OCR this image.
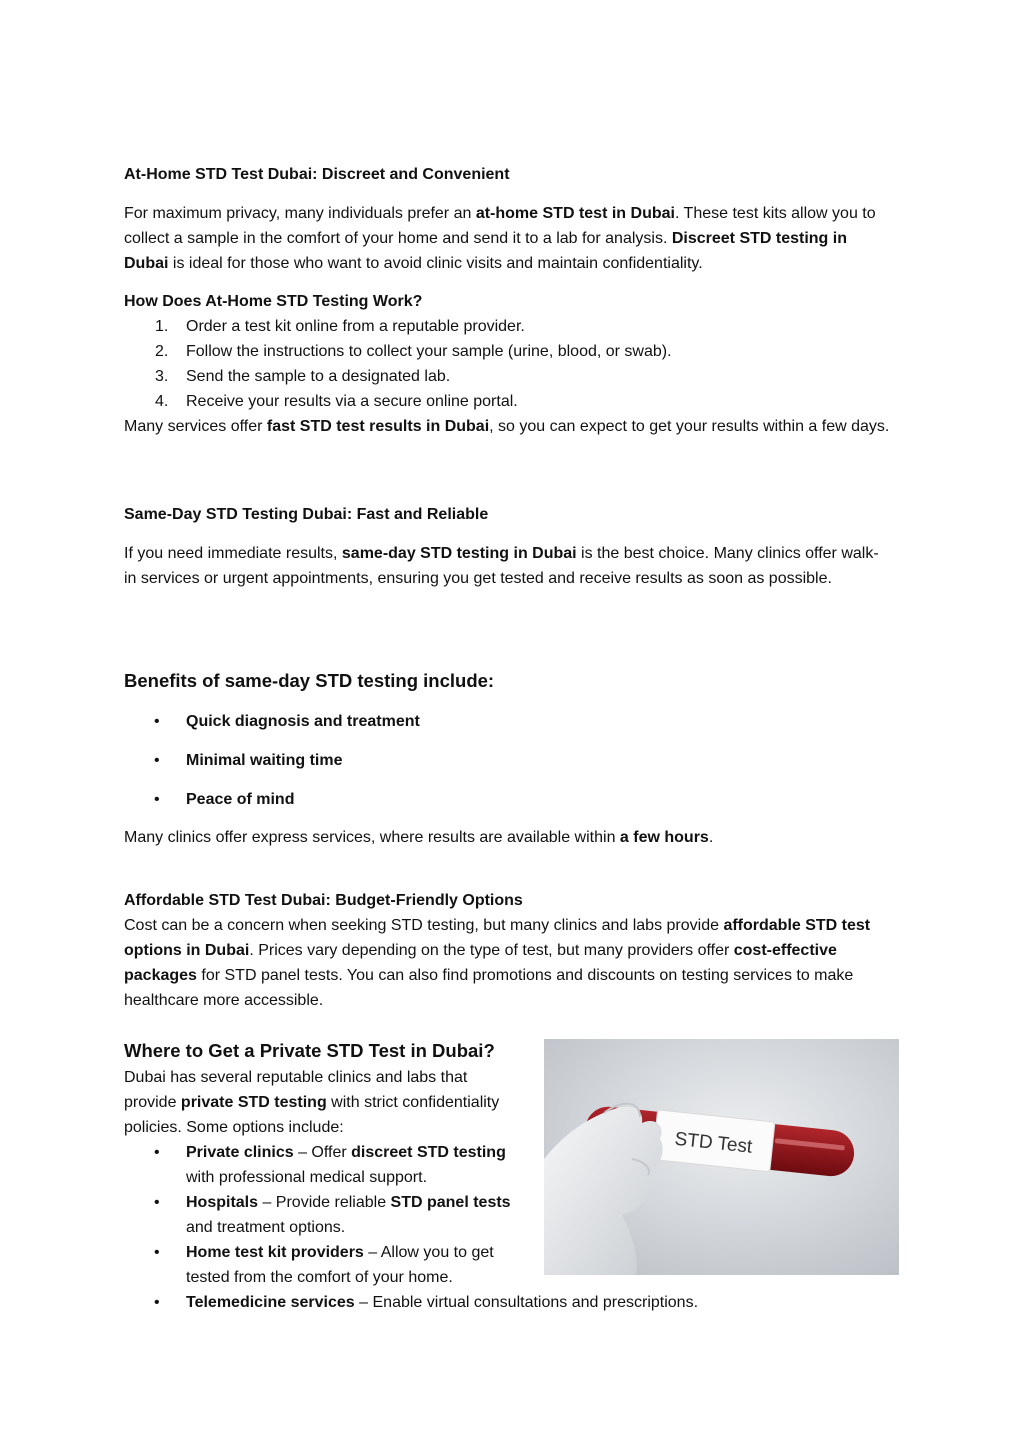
At-Home STD Test Dubai: Discreet and Convenient
For maximum privacy, many individuals prefer an at-home STD test in Dubai. These test kits allow you to collect a sample in the comfort of your home and send it to a lab for analysis. Discreet STD testing in Dubai is ideal for those who want to avoid clinic visits and maintain confidentiality.
How Does At-Home STD Testing Work?
1. Order a test kit online from a reputable provider.
2. Follow the instructions to collect your sample (urine, blood, or swab).
3. Send the sample to a designated lab.
4. Receive your results via a secure online portal.
Many services offer fast STD test results in Dubai, so you can expect to get your results within a few days.
Same-Day STD Testing Dubai: Fast and Reliable
If you need immediate results, same-day STD testing in Dubai is the best choice. Many clinics offer walk-in services or urgent appointments, ensuring you get tested and receive results as soon as possible.
Benefits of same-day STD testing include:
• Quick diagnosis and treatment
• Minimal waiting time
• Peace of mind
Many clinics offer express services, where results are available within a few hours.
Affordable STD Test Dubai: Budget-Friendly Options
Cost can be a concern when seeking STD testing, but many clinics and labs provide affordable STD test options in Dubai. Prices vary depending on the type of test, but many providers offer cost-effective packages for STD panel tests. You can also find promotions and discounts on testing services to make healthcare more accessible.
Where to Get a Private STD Test in Dubai?
Dubai has several reputable clinics and labs that provide private STD testing with strict confidentiality policies. Some options include:
• Private clinics – Offer discreet STD testing with professional medical support.
• Hospitals – Provide reliable STD panel tests and treatment options.
• Home test kit providers – Allow you to get tested from the comfort of your home.
• Telemedicine services – Enable virtual consultations and prescriptions.
STD Test
